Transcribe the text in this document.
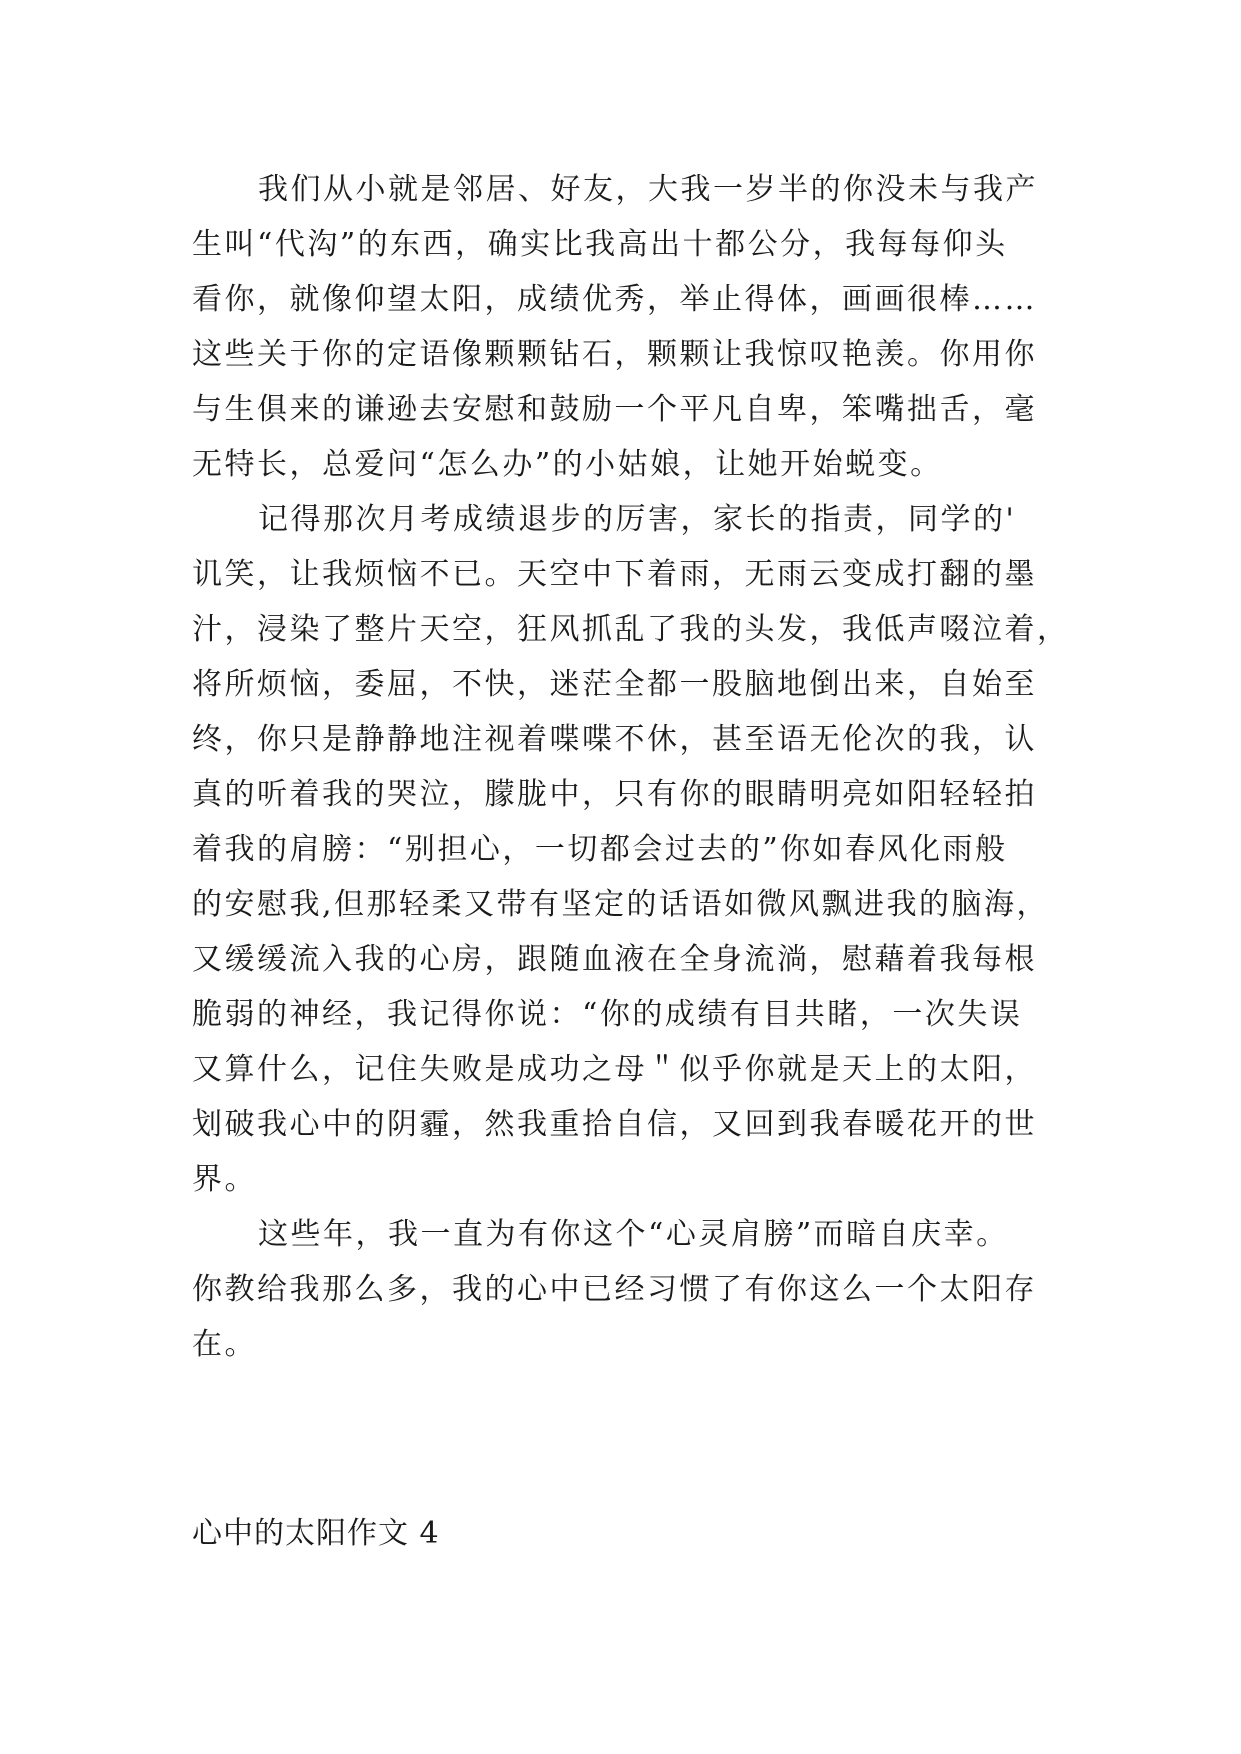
我们从小就是邻居、好友，大我一岁半的你没未与我产
生叫“代沟”的东西，确实比我高出十都公分，我每每仰头
看你，就像仰望太阳，成绩优秀，举止得体，画画很棒……
这些关于你的定语像颗颗钻石，颗颗让我惊叹艳羡。你用你
与生俱来的谦逊去安慰和鼓励一个平凡自卑，笨嘴拙舌，毫
无特长，总爱问“怎么办”的小姑娘，让她开始蜕变。

记得那次月考成绩退步的厉害，家长的指责，同学的'
讥笑，让我烦恼不已。天空中下着雨，无雨云变成打翻的墨
汁，浸染了整片天空，狂风抓乱了我的头发，我低声啜泣着，
将所烦恼，委屈，不快，迷茫全都一股脑地倒出来，自始至
终，你只是静静地注视着喋喋不休，甚至语无伦次的我，认
真的听着我的哭泣，朦胧中，只有你的眼睛明亮如阳轻轻拍
着我的肩膀：“别担心，一切都会过去的”你如春风化雨般
的安慰我,但那轻柔又带有坚定的话语如微风飘进我的脑海，
又缓缓流入我的心房，跟随血液在全身流淌，慰藉着我每根
脆弱的神经，我记得你说：“你的成绩有目共睹，一次失误
又算什么，记住失败是成功之母＂似乎你就是天上的太阳，
划破我心中的阴霾，然我重拾自信，又回到我春暖花开的世
界。

这些年，我一直为有你这个“心灵肩膀”而暗自庆幸。
你教给我那么多，我的心中已经习惯了有你这么一个太阳存
在。

心中的太阳作文 4
